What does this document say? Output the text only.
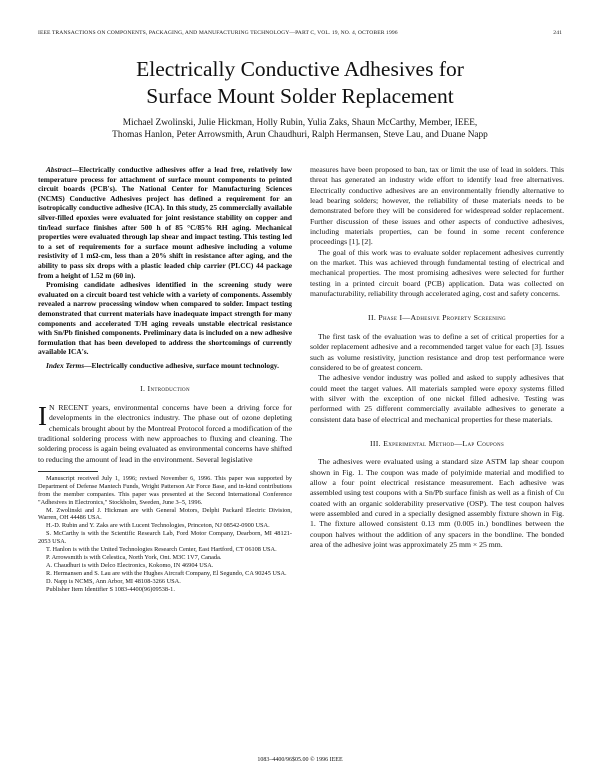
IEEE TRANSACTIONS ON COMPONENTS, PACKAGING, AND MANUFACTURING TECHNOLOGY—PART C, VOL. 19, NO. 4, OCTOBER 1996	241
Electrically Conductive Adhesives for
Surface Mount Solder Replacement
Michael Zwolinski, Julie Hickman, Holly Rubin, Yulia Zaks, Shaun McCarthy, Member, IEEE,
Thomas Hanlon, Peter Arrowsmith, Arun Chaudhuri, Ralph Hermansen, Steve Lau, and Duane Napp

Abstract—Electrically conductive adhesives offer a lead free, relatively low temperature process for attachment of surface mount components to printed circuit boards (PCB's). The National Center for Manufacturing Sciences (NCMS) Conductive Adhesives project has defined a requirement for an isotropically conductive adhesive (ICA). In this study, 25 commercially available silver-filled epoxies were evaluated for joint resistance stability on copper and tin/lead surface finishes after 500 h of 85 °C/85% RH aging. Mechanical properties were evaluated through lap shear and impact testing. This testing led to a set of requirements for a surface mount adhesive including a volume resistivity of 1 mΩ-cm, less than a 20% shift in resistance after aging, and the ability to pass six drops with a plastic leaded chip carrier (PLCC) 44 package from a height of 1.52 m (60 in).

Promising candidate adhesives identified in the screening study were evaluated on a circuit board test vehicle with a variety of components. Assembly revealed a narrow processing window when compared to solder. Impact testing demonstrated that current materials have inadequate impact strength for many components and accelerated T/H aging reveals unstable electrical resistance with Sn/Pb finished components. Preliminary data is included on a new adhesive formulation that has been developed to address the shortcomings of currently available ICA's.

Index Terms—Electrically conductive adhesive, surface mount technology.

I. Introduction

I N RECENT years, environmental concerns have been a driving force for developments in the electronics industry. The phase out of ozone depleting chemicals brought about by the Montreal Protocol forced a modification of the traditional soldering process with new approaches to fluxing and cleaning. The soldering process is again being evaluated as environmental concerns have shifted to reducing the amount of lead in the environment. Several legislative

Manuscript received July 1, 1996; revised November 6, 1996. This paper was supported by Department of Defense Mantech Funds, Wright Patterson Air Force Base, and in-kind contributions from the member companies. This paper was presented at the Second International Conference "Adhesives in Electronics," Stockholm, Sweden, June 3–5, 1996.

M. Zwolinski and J. Hickman are with General Motors, Delphi Packard Electric Division, Warren, OH 44486 USA.

H.-D. Rubin and Y. Zaks are with Lucent Technologies, Princeton, NJ 08542-0900 USA.

S. McCarthy is with the Scientific Research Lab, Ford Motor Company, Dearborn, MI 48121-2053 USA.

T. Hanlon is with the United Technologies Research Center, East Hartford, CT 06108 USA.

P. Arrowsmith is with Celestica, North York, Ont. M3C 1V7, Canada.

A. Chaudhuri is with Delco Electronics, Kokomo, IN 46904 USA.

R. Hermansen and S. Lau are with the Hughes Aircraft Company, El Segundo, CA 90245 USA.

D. Napp is NCMS, Ann Arbor, MI 48108-3266 USA.

Publisher Item Identifier S 1083-4400(96)09538-1.

measures have been proposed to ban, tax or limit the use of lead in solders. This threat has generated an industry wide effort to identify lead free alternatives. Electrically conductive adhesives are an environmentally friendly alternative to lead bearing solders; however, the reliability of these materials needs to be demonstrated before they will be considered for widespread solder replacement. Further discussion of these issues and other aspects of conductive adhesives, including materials properties, can be found in some recent conference proceedings [1], [2].

The goal of this work was to evaluate solder replacement adhesives currently on the market. This was achieved through fundamental testing of electrical and mechanical properties. The most promising adhesives were selected for further testing in a printed circuit board (PCB) application. Data was collected on manufacturability, reliability through accelerated aging, cost and safety concerns.

II. Phase I—Adhesive Property Screening

The first task of the evaluation was to define a set of critical properties for a solder replacement adhesive and a recommended target value for each [3]. Issues such as volume resistivity, junction resistance and drop test performance were considered to be of greatest concern.

The adhesive vendor industry was polled and asked to supply adhesives that could meet the target values. All materials sampled were epoxy systems filled with silver with the exception of one nickel filled adhesive. Testing was performed with 25 different commercially available adhesives to generate a consistent data base of electrical and mechanical properties for these materials.

III. Experimental Method—Lap Coupons

The adhesives were evaluated using a standard size ASTM lap shear coupon shown in Fig. 1. The coupon was made of polyimide material and modified to allow a four point electrical resistance measurement. Each adhesive was assembled using test coupons with a Sn/Pb surface finish as well as a finish of Cu coated with an organic solderability preservative (OSP). The test coupon halves were assembled and cured in a specially designed assembly fixture shown in Fig. 1. The fixture allowed consistent 0.13 mm (0.005 in.) bondlines between the coupon halves without the addition of any spacers in the bondline. The bonded area of the adhesive joint was approximately 25 mm × 25 mm.

1083–4400/96$05.00 © 1996 IEEE
